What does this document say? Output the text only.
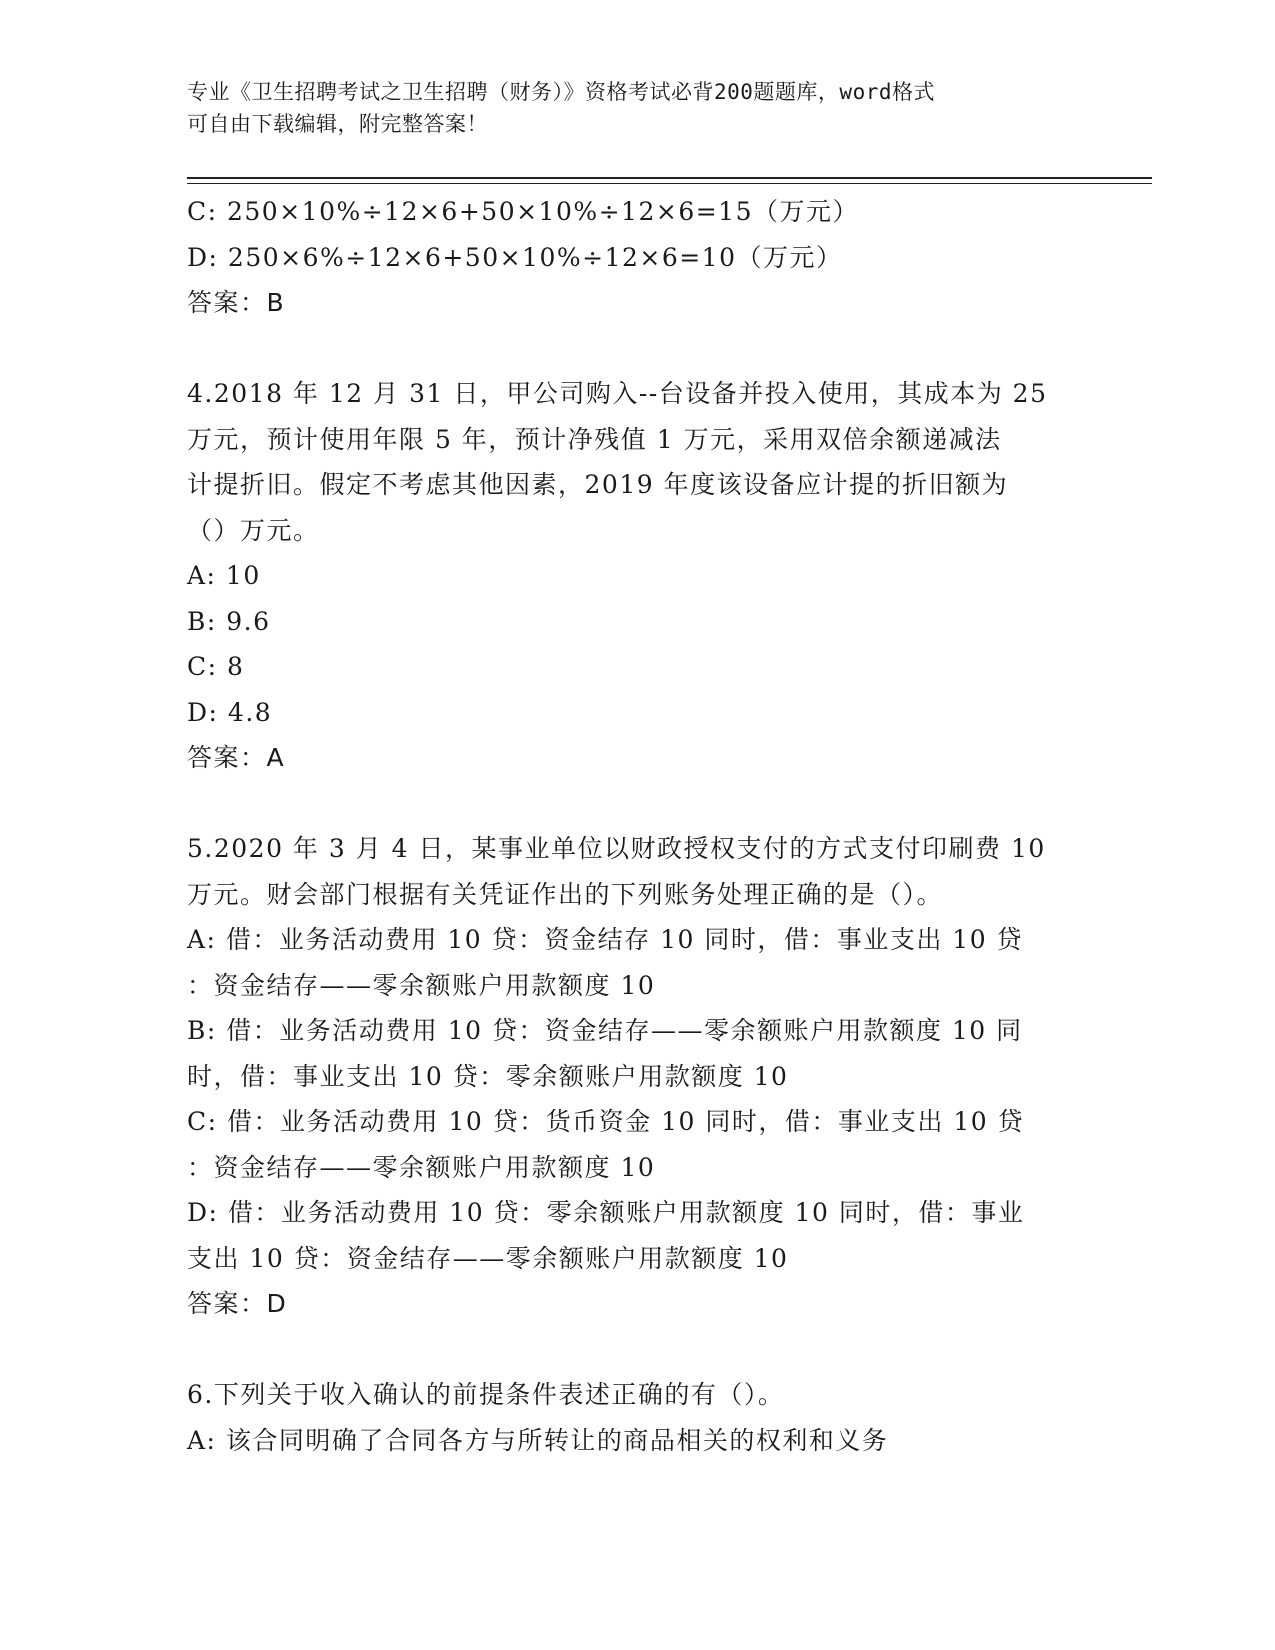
专业《卫生招聘考试之卫生招聘（财务）》资格考试必背200题题库，word格式
可自由下载编辑，附完整答案！
C: 250×10%÷12×6+50×10%÷12×6=15（万元）
D: 250×6%÷12×6+50×10%÷12×6=10（万元）
答案：B
4.2018 年 12 月 31 日，甲公司购入--台设备并投入使用，其成本为 25
万元，预计使用年限 5 年，预计净残值 1 万元，采用双倍余额递减法
计提折旧。假定不考虑其他因素，2019 年度该设备应计提的折旧额为
（）万元。
A: 10
B: 9.6
C: 8
D: 4.8
答案：A
5.2020 年 3 月 4 日，某事业单位以财政授权支付的方式支付印刷费 10
万元。财会部门根据有关凭证作出的下列账务处理正确的是（）。
A: 借：业务活动费用 10 贷：资金结存 10 同时，借：事业支出 10 贷
：资金结存——零余额账户用款额度 10
B: 借：业务活动费用 10 贷：资金结存——零余额账户用款额度 10 同
时，借：事业支出 10 贷：零余额账户用款额度 10
C: 借：业务活动费用 10 贷：货币资金 10 同时，借：事业支出 10 贷
：资金结存——零余额账户用款额度 10
D: 借：业务活动费用 10 贷：零余额账户用款额度 10 同时，借：事业
支出 10 贷：资金结存——零余额账户用款额度 10
答案：D
6.下列关于收入确认的前提条件表述正确的有（）。
A: 该合同明确了合同各方与所转让的商品相关的权利和义务
